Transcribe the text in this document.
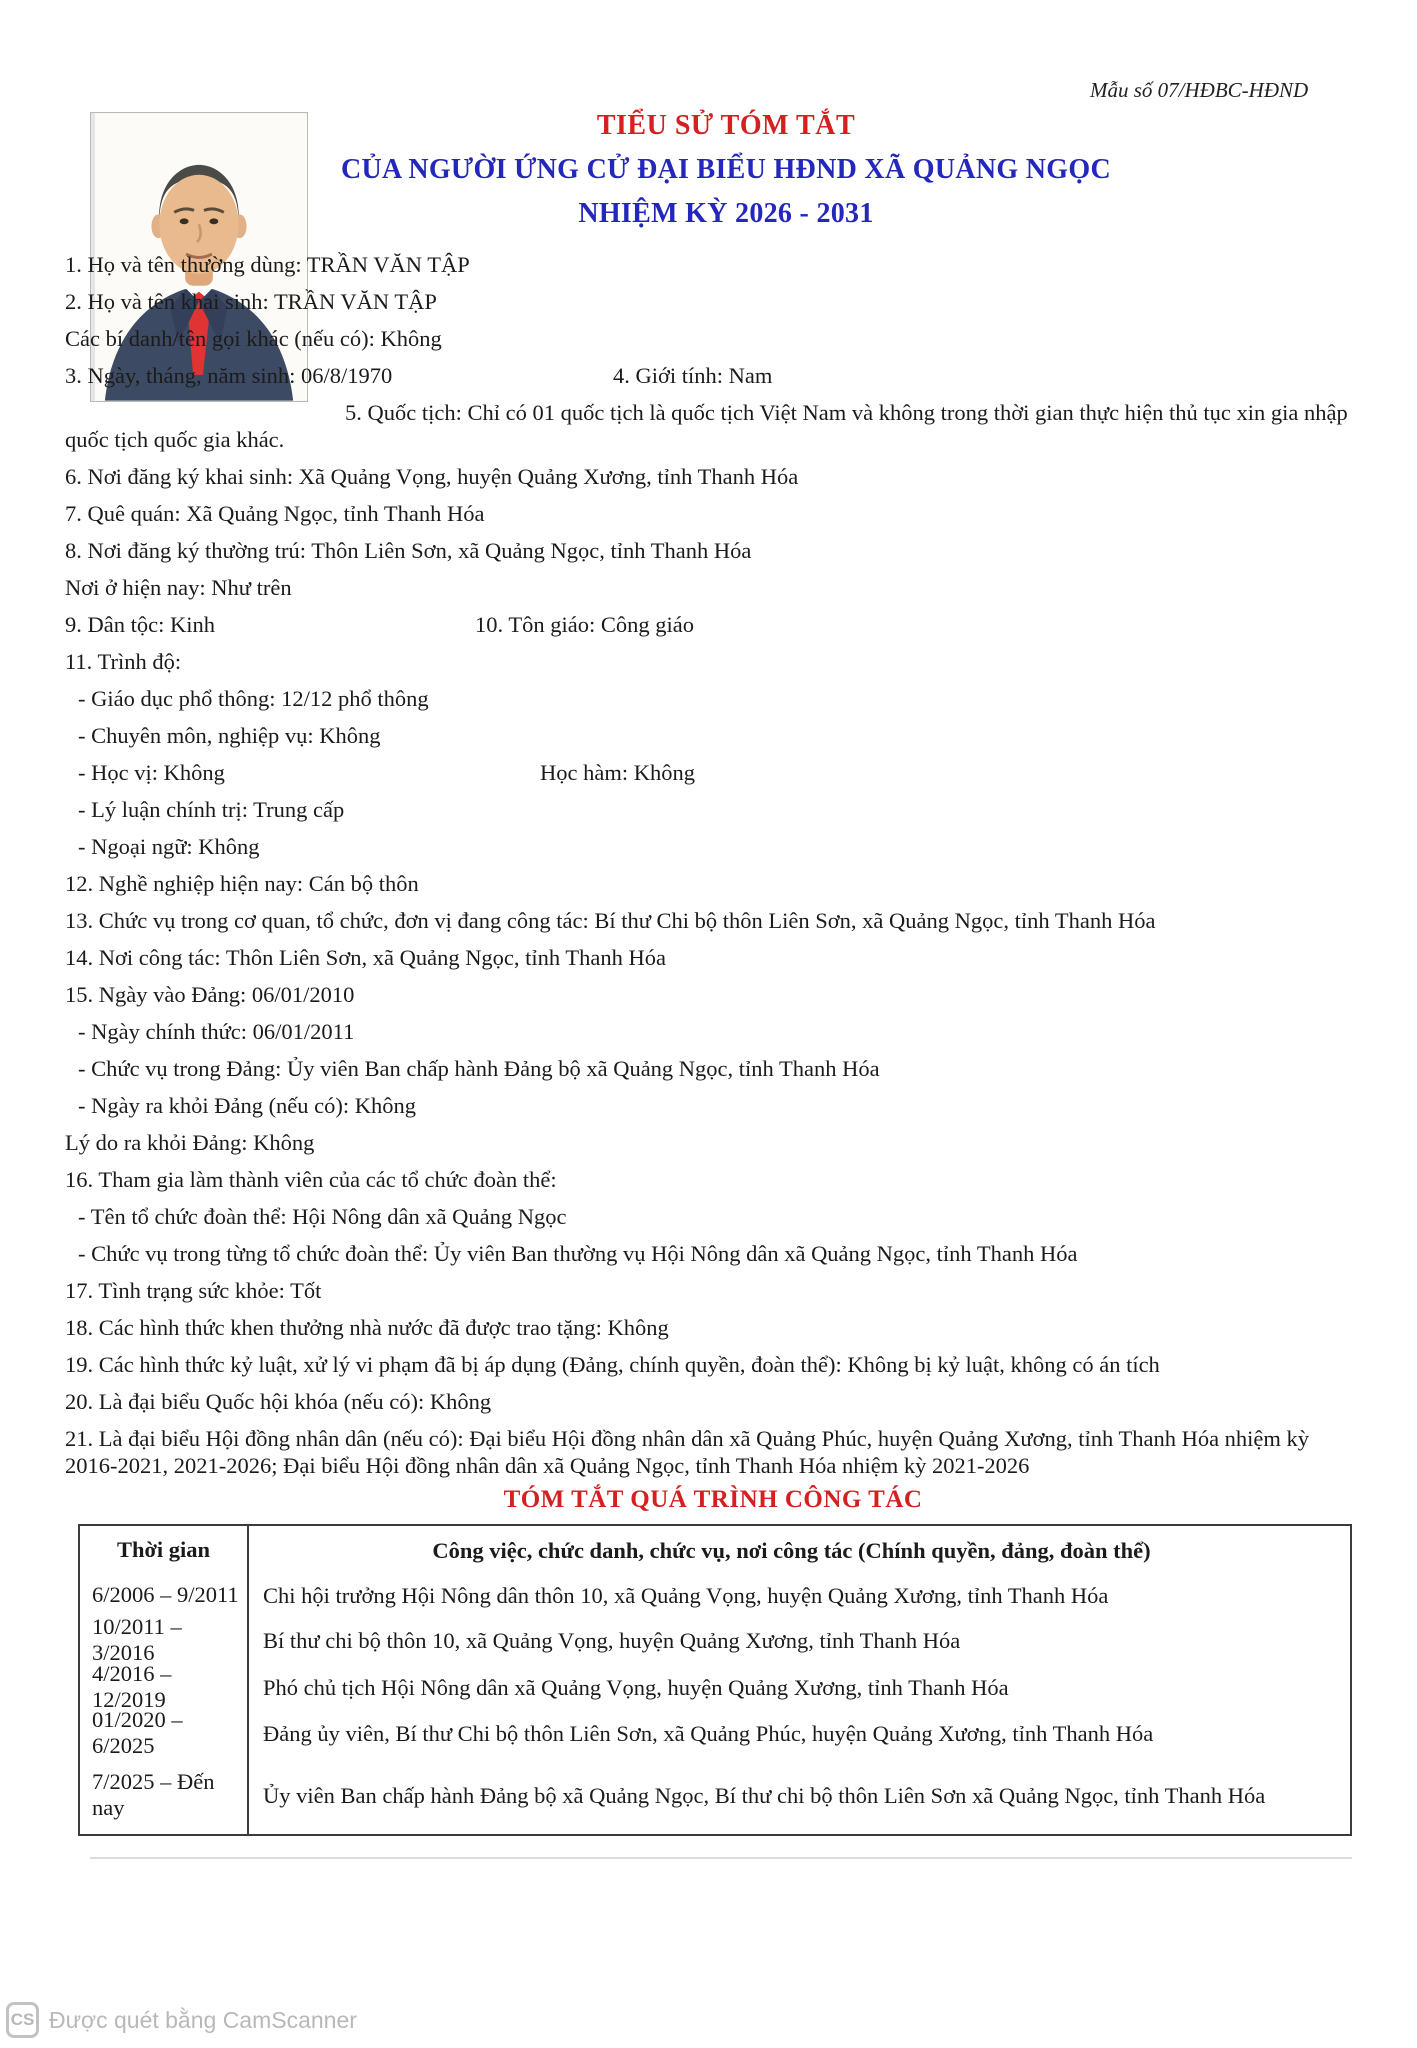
Mẫu số 07/HĐBC-HĐND
TIỂU SỬ TÓM TẮT
CỦA NGƯỜI ỨNG CỬ ĐẠI BIỂU HĐND XÃ QUẢNG NGỌC
NHIỆM KỲ 2026 - 2031

1. Họ và tên thường dùng: TRẦN VĂN TẬP

2. Họ và tên khai sinh: TRẦN VĂN TẬP

Các bí danh/tên gọi khác (nếu có): Không

3. Ngày, tháng, năm sinh: 06/8/1970	4. Giới tính: Nam

5. Quốc tịch: Chỉ có 01 quốc tịch là quốc tịch Việt Nam và không trong thời gian thực hiện thủ tục xin gia nhập quốc tịch quốc gia khác.

6. Nơi đăng ký khai sinh: Xã Quảng Vọng, huyện Quảng Xương, tỉnh Thanh Hóa

7. Quê quán: Xã Quảng Ngọc, tỉnh Thanh Hóa

8. Nơi đăng ký thường trú: Thôn Liên Sơn, xã Quảng Ngọc, tỉnh Thanh Hóa

Nơi ở hiện nay: Như trên

9. Dân tộc: Kinh	10. Tôn giáo: Công giáo

11. Trình độ:

- Giáo dục phổ thông: 12/12 phổ thông

- Chuyên môn, nghiệp vụ: Không

- Học vị: Không	Học hàm: Không

- Lý luận chính trị: Trung cấp

- Ngoại ngữ: Không

12. Nghề nghiệp hiện nay: Cán bộ thôn

13. Chức vụ trong cơ quan, tổ chức, đơn vị đang công tác: Bí thư Chi bộ thôn Liên Sơn, xã Quảng Ngọc, tỉnh Thanh Hóa

14. Nơi công tác: Thôn Liên Sơn, xã Quảng Ngọc, tỉnh Thanh Hóa

15. Ngày vào Đảng: 06/01/2010

- Ngày chính thức: 06/01/2011

- Chức vụ trong Đảng: Ủy viên Ban chấp hành Đảng bộ xã Quảng Ngọc, tỉnh Thanh Hóa

- Ngày ra khỏi Đảng (nếu có): Không

Lý do ra khỏi Đảng: Không

16. Tham gia làm thành viên của các tổ chức đoàn thể:

- Tên tổ chức đoàn thể: Hội Nông dân xã Quảng Ngọc

- Chức vụ trong từng tổ chức đoàn thể: Ủy viên Ban thường vụ Hội Nông dân xã Quảng Ngọc, tỉnh Thanh Hóa

17. Tình trạng sức khỏe: Tốt

18. Các hình thức khen thưởng nhà nước đã được trao tặng: Không

19. Các hình thức kỷ luật, xử lý vi phạm đã bị áp dụng (Đảng, chính quyền, đoàn thể): Không bị kỷ luật, không có án tích

20. Là đại biểu Quốc hội khóa (nếu có): Không

21. Là đại biểu Hội đồng nhân dân (nếu có): Đại biểu Hội đồng nhân dân xã Quảng Phúc, huyện Quảng Xương, tỉnh Thanh Hóa nhiệm kỳ 2016-2021, 2021-2026; Đại biểu Hội đồng nhân dân xã Quảng Ngọc, tỉnh Thanh Hóa nhiệm kỳ 2021-2026

TÓM TẮT QUÁ TRÌNH CÔNG TÁC
Thời gian	Công việc, chức danh, chức vụ, nơi công tác (Chính quyền, đảng, đoàn thể)
6/2006 – 9/2011	Chi hội trưởng Hội Nông dân thôn 10, xã Quảng Vọng, huyện Quảng Xương, tỉnh Thanh Hóa
10/2011 – 3/2016	Bí thư chi bộ thôn 10, xã Quảng Vọng, huyện Quảng Xương, tỉnh Thanh Hóa
4/2016 – 12/2019	Phó chủ tịch Hội Nông dân xã Quảng Vọng, huyện Quảng Xương, tỉnh Thanh Hóa
01/2020 – 6/2025	Đảng ủy viên, Bí thư Chi bộ thôn Liên Sơn, xã Quảng Phúc, huyện Quảng Xương, tỉnh Thanh Hóa
7/2025 – Đến nay	Ủy viên Ban chấp hành Đảng bộ xã Quảng Ngọc, Bí thư chi bộ thôn Liên Sơn xã Quảng Ngọc, tỉnh Thanh Hóa
CS Được quét bằng CamScanner
